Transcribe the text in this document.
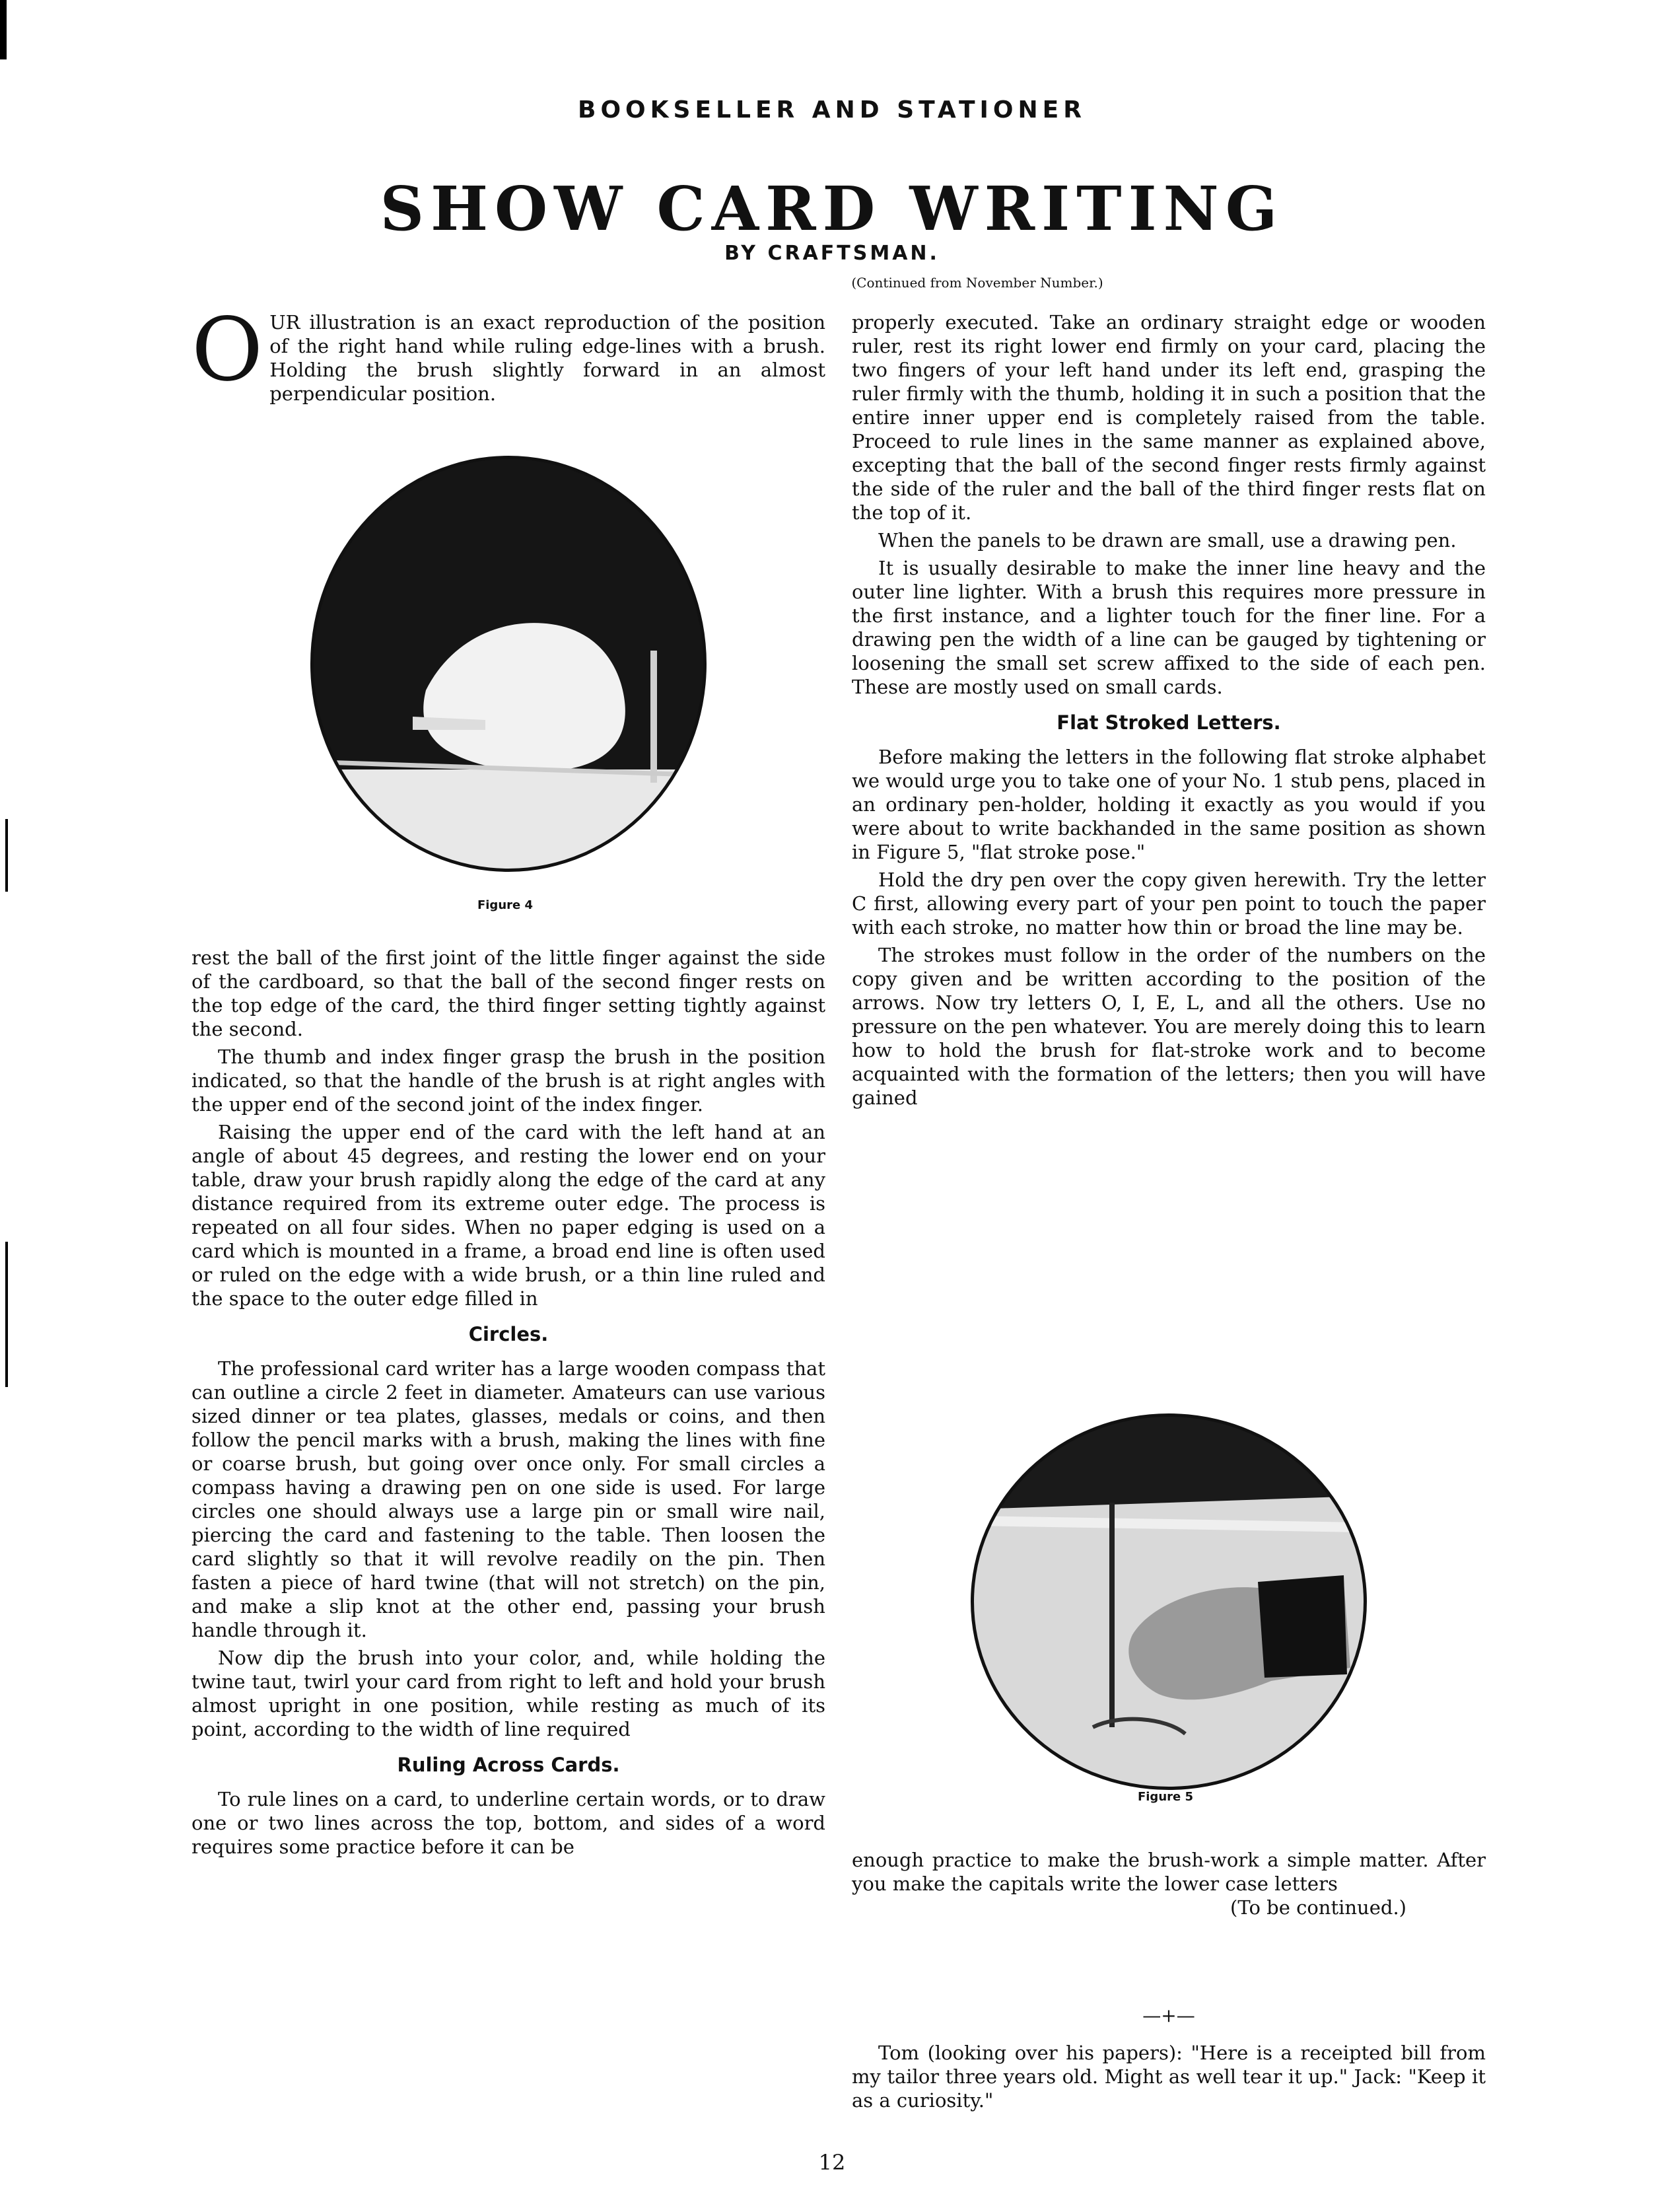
BOOKSELLER AND STATIONER
SHOW CARD WRITING
BY CRAFTSMAN.
(Continued from November Number.)
O UR illustration is an exact reproduction of the position of the right hand while ruling edge-lines with a brush. Holding the brush slightly forward in an almost perpendicular position.

Figure 4

rest the ball of the first joint of the little finger against the side of the cardboard, so that the ball of the second finger rests on the top edge of the card, the third finger setting tightly against the second.

The thumb and index finger grasp the brush in the position indicated, so that the handle of the brush is at right angles with the upper end of the second joint of the index finger.

Raising the upper end of the card with the left hand at an angle of about 45 degrees, and resting the lower end on your table, draw your brush rapidly along the edge of the card at any distance required from its extreme outer edge. The process is repeated on all four sides. When no paper edging is used on a card which is mounted in a frame, a broad end line is often used or ruled on the edge with a wide brush, or a thin line ruled and the space to the outer edge filled in

Circles.

The professional card writer has a large wooden compass that can outline a circle 2 feet in diameter. Amateurs can use various sized dinner or tea plates, glasses, medals or coins, and then follow the pencil marks with a brush, making the lines with fine or coarse brush, but going over once only. For small circles a compass having a drawing pen on one side is used. For large circles one should always use a large pin or small wire nail, piercing the card and fastening to the table. Then loosen the card slightly so that it will revolve readily on the pin. Then fasten a piece of hard twine (that will not stretch) on the pin, and make a slip knot at the other end, passing your brush handle through it.

Now dip the brush into your color, and, while holding the twine taut, twirl your card from right to left and hold your brush almost upright in one position, while resting as much of its point, according to the width of line required

Ruling Across Cards.

To rule lines on a card, to underline certain words, or to draw one or two lines across the top, bottom, and sides of a word requires some practice before it can be

properly executed. Take an ordinary straight edge or wooden ruler, rest its right lower end firmly on your card, placing the two fingers of your left hand under its left end, grasping the ruler firmly with the thumb, holding it in such a position that the entire inner upper end is completely raised from the table. Proceed to rule lines in the same manner as explained above, excepting that the ball of the second finger rests firmly against the side of the ruler and the ball of the third finger rests flat on the top of it.

When the panels to be drawn are small, use a drawing pen.

It is usually desirable to make the inner line heavy and the outer line lighter. With a brush this requires more pressure in the first instance, and a lighter touch for the finer line. For a drawing pen the width of a line can be gauged by tightening or loosening the small set screw affixed to the side of each pen. These are mostly used on small cards.

Flat Stroked Letters.

Before making the letters in the following flat stroke alphabet we would urge you to take one of your No. 1 stub pens, placed in an ordinary pen-holder, holding it exactly as you would if you were about to write backhanded in the same position as shown in Figure 5, "flat stroke pose."

Hold the dry pen over the copy given herewith. Try the letter C first, allowing every part of your pen point to touch the paper with each stroke, no matter how thin or broad the line may be.

The strokes must follow in the order of the numbers on the copy given and be written according to the position of the arrows. Now try letters O, I, E, L, and all the others. Use no pressure on the pen whatever. You are merely doing this to learn how to hold the brush for flat-stroke work and to become acquainted with the formation of the letters; then you will have gained

Figure 5

enough practice to make the brush-work a simple matter. After you make the capitals write the lower case letters
(To be continued.)

—+—

Tom (looking over his papers): "Here is a receipted bill from my tailor three years old. Might as well tear it up." Jack: "Keep it as a curiosity."

12
